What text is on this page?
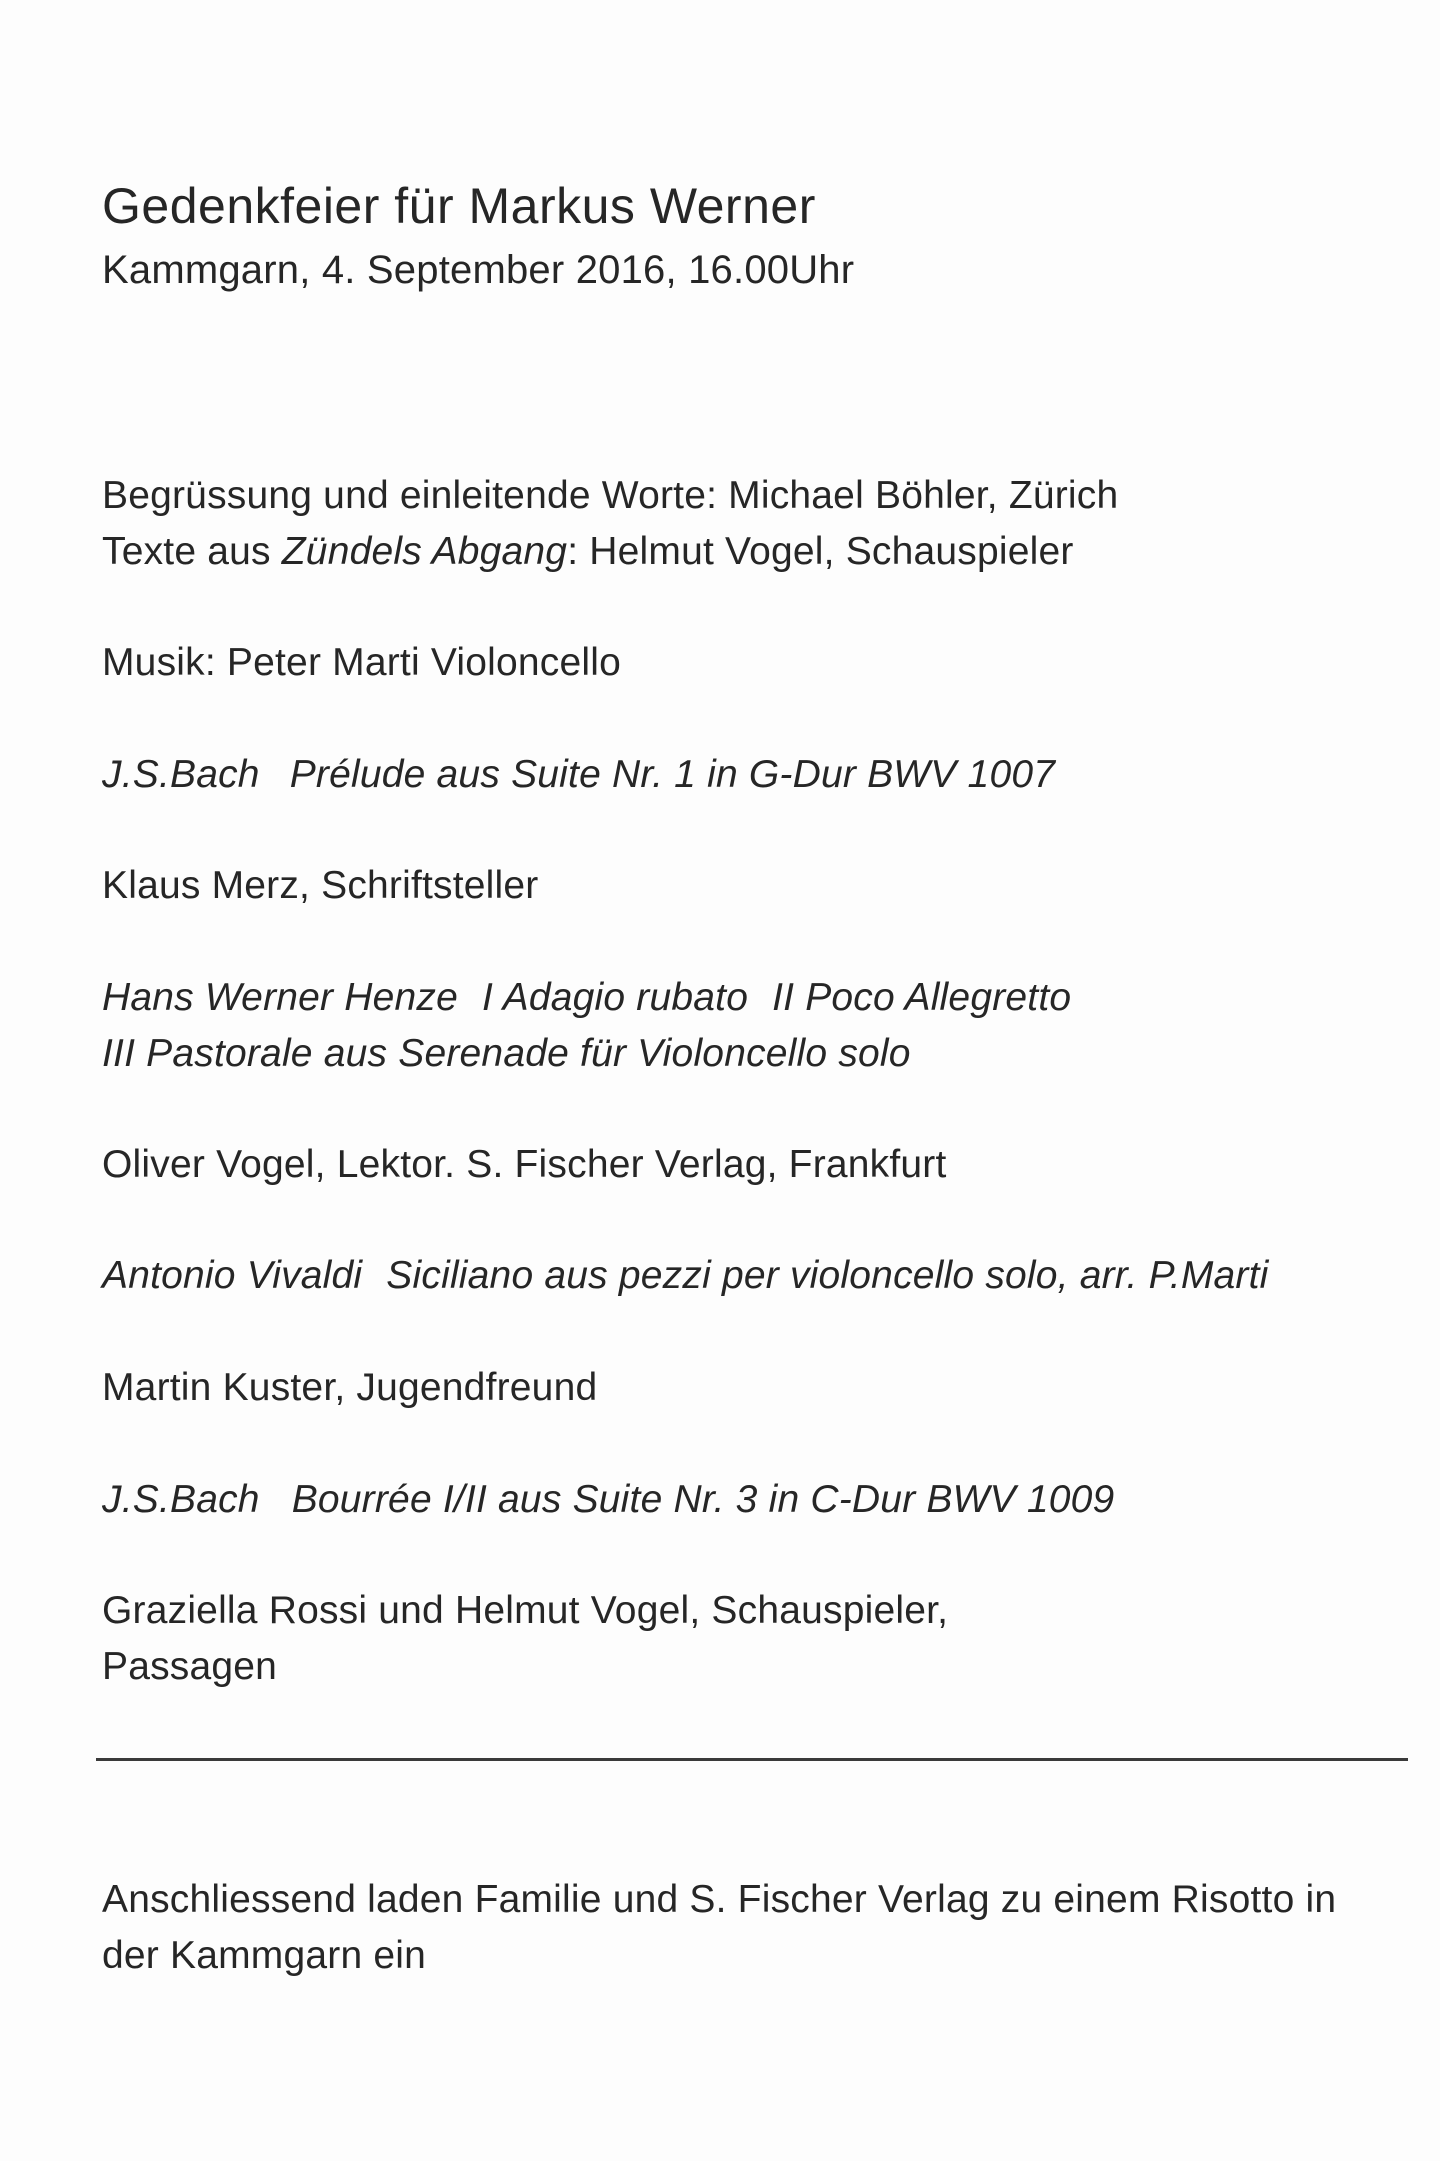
Gedenkfeier für Markus Werner

Kammgarn, 4. September 2016, 16.00Uhr

Begrüssung und einleitende Worte: Michael Böhler, Zürich

Texte aus Zündels Abgang: Helmut Vogel, Schauspieler

Musik: Peter Marti Violoncello

J.S.Bach Prélude aus Suite Nr. 1 in G-Dur BWV 1007

Klaus Merz, Schriftsteller

Hans Werner Henze I Adagio rubato II Poco Allegretto

III Pastorale aus Serenade für Violoncello solo

Oliver Vogel, Lektor. S. Fischer Verlag, Frankfurt

Antonio Vivaldi Siciliano aus pezzi per violoncello solo, arr. P.Marti

Martin Kuster, Jugendfreund

J.S.Bach Bourrée I/II aus Suite Nr. 3 in C-Dur BWV 1009

Graziella Rossi und Helmut Vogel, Schauspieler,

Passagen

Anschliessend laden Familie und S. Fischer Verlag zu einem Risotto in

der Kammgarn ein
